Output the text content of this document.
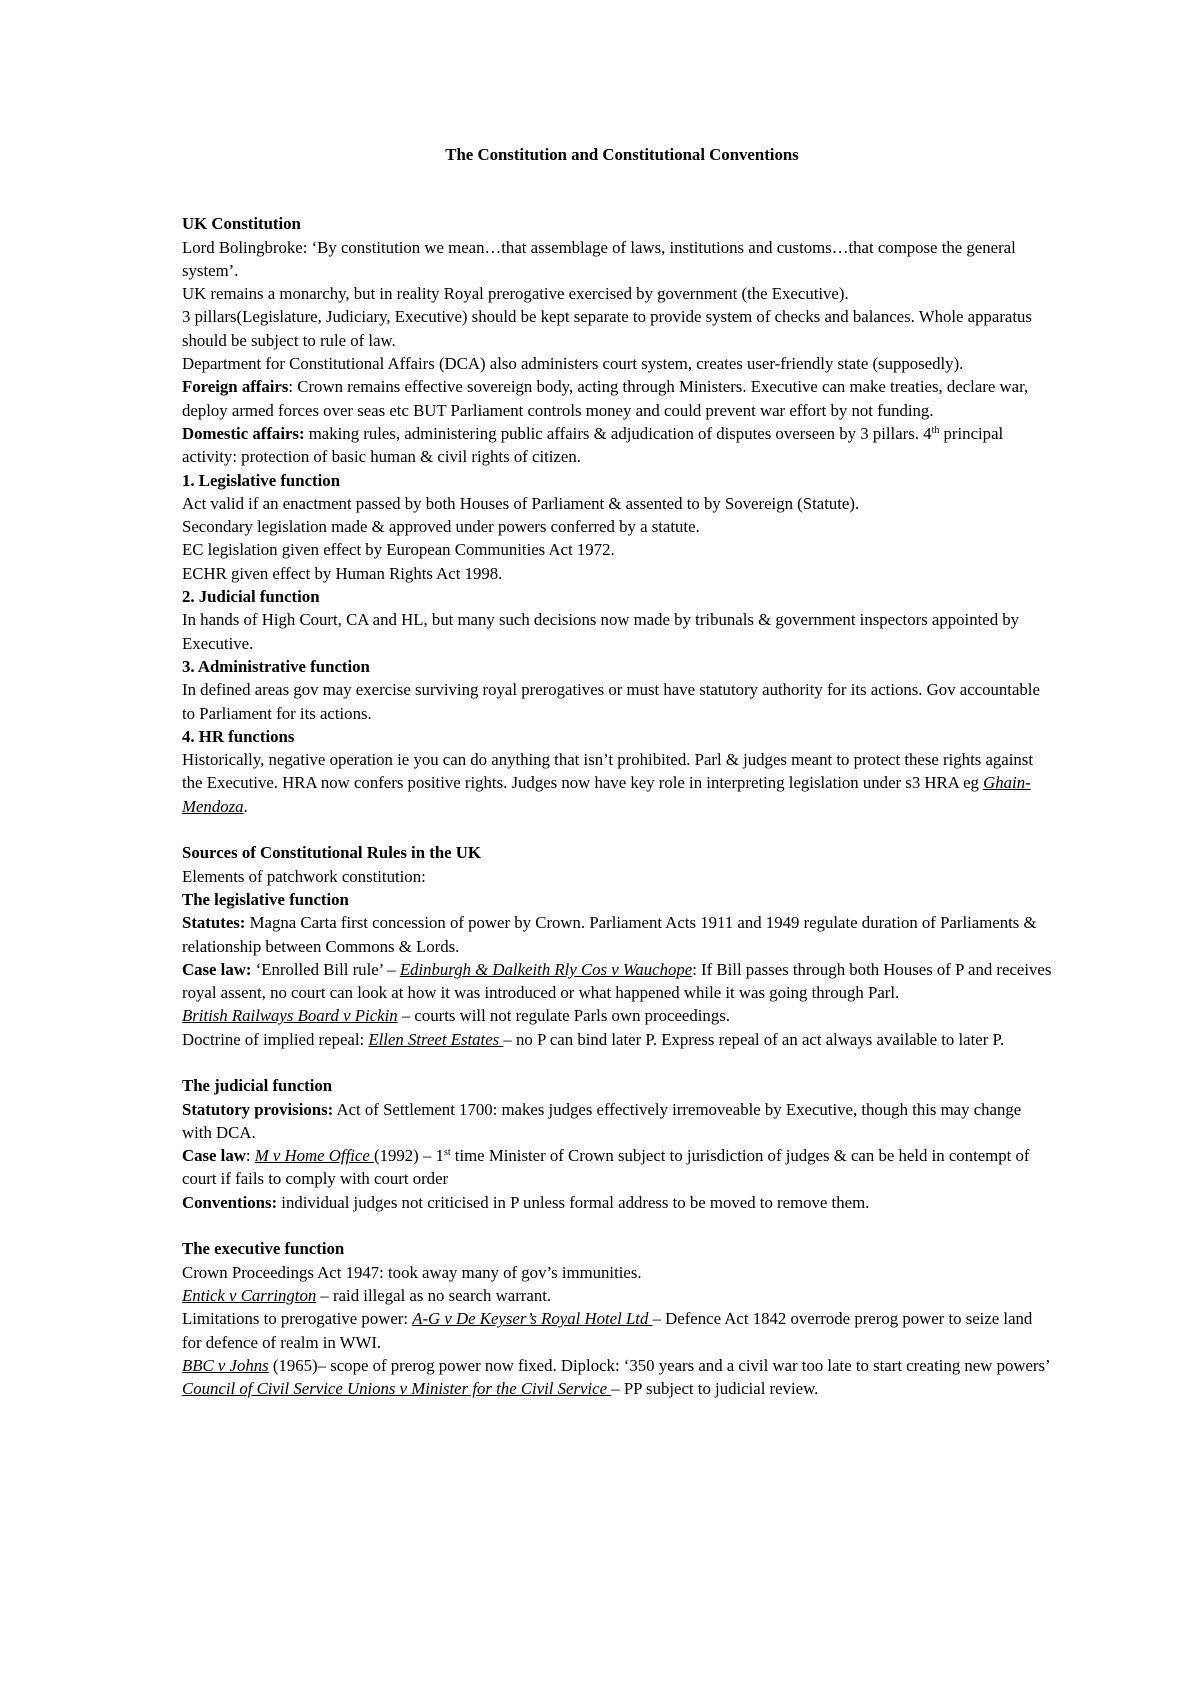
The Constitution and Constitutional Conventions

UK Constitution

Lord Bolingbroke: ‘By constitution we mean…that assemblage of laws, institutions and customs…that compose the general system’.

UK remains a monarchy, but in reality Royal prerogative exercised by government (the Executive).

3 pillars(Legislature, Judiciary, Executive) should be kept separate to provide system of checks and balances. Whole apparatus should be subject to rule of law.

Department for Constitutional Affairs (DCA) also administers court system, creates user-friendly state (supposedly).

Foreign affairs: Crown remains effective sovereign body, acting through Ministers. Executive can make treaties, declare war, deploy armed forces over seas etc BUT Parliament controls money and could prevent war effort by not funding.

Domestic affairs: making rules, administering public affairs & adjudication of disputes overseen by 3 pillars. 4th principal activity: protection of basic human & civil rights of citizen.

1. Legislative function

Act valid if an enactment passed by both Houses of Parliament & assented to by Sovereign (Statute).

Secondary legislation made & approved under powers conferred by a statute.

EC legislation given effect by European Communities Act 1972.

ECHR given effect by Human Rights Act 1998.

2. Judicial function

In hands of High Court, CA and HL, but many such decisions now made by tribunals & government inspectors appointed by Executive.

3. Administrative function

In defined areas gov may exercise surviving royal prerogatives or must have statutory authority for its actions. Gov accountable to Parliament for its actions.

4. HR functions

Historically, negative operation ie you can do anything that isn’t prohibited. Parl & judges meant to protect these rights against the Executive. HRA now confers positive rights. Judges now have key role in interpreting legislation under s3 HRA eg Ghain-Mendoza.

Sources of Constitutional Rules in the UK

Elements of patchwork constitution:

The legislative function

Statutes: Magna Carta first concession of power by Crown. Parliament Acts 1911 and 1949 regulate duration of Parliaments & relationship between Commons & Lords.

Case law: ‘Enrolled Bill rule’ – Edinburgh & Dalkeith Rly Cos v Wauchope: If Bill passes through both Houses of P and receives royal assent, no court can look at how it was introduced or what happened while it was going through Parl.

British Railways Board v Pickin – courts will not regulate Parls own proceedings.

Doctrine of implied repeal: Ellen Street Estates – no P can bind later P. Express repeal of an act always available to later P.

The judicial function

Statutory provisions: Act of Settlement 1700: makes judges effectively irremoveable by Executive, though this may change with DCA.

Case law: M v Home Office (1992) – 1st time Minister of Crown subject to jurisdiction of judges & can be held in contempt of court if fails to comply with court order

Conventions: individual judges not criticised in P unless formal address to be moved to remove them.

The executive function

Crown Proceedings Act 1947: took away many of gov’s immunities.

Entick v Carrington – raid illegal as no search warrant.

Limitations to prerogative power: A-G v De Keyser’s Royal Hotel Ltd – Defence Act 1842 overrode prerog power to seize land for defence of realm in WWI.

BBC v Johns (1965)– scope of prerog power now fixed. Diplock: ‘350 years and a civil war too late to start creating new powers’

Council of Civil Service Unions v Minister for the Civil Service – PP subject to judicial review.
